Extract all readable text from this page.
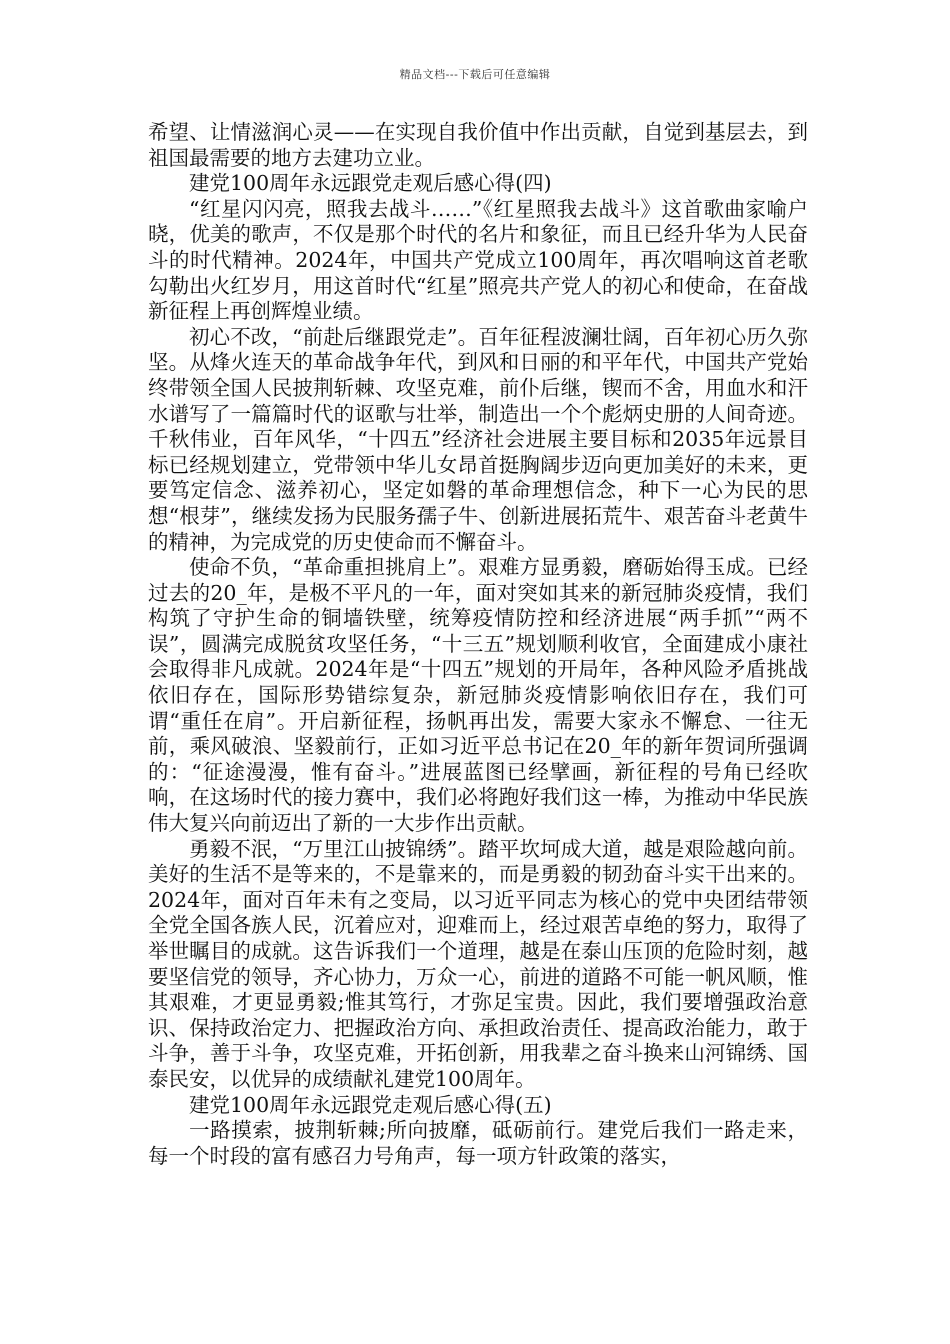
精品文档---下载后可任意编辑

希望、让情滋润心灵——在实现自我价值中作出贡献，自觉到基层去，到祖国最需要的地方去建功立业。

建党100周年永远跟党走观后感心得(四)

“红星闪闪亮，照我去战斗……”《红星照我去战斗》这首歌曲家喻户晓，优美的歌声，不仅是那个时代的名片和象征，而且已经升华为人民奋斗的时代精神。2024年，中国共产党成立100周年，再次唱响这首老歌勾勒出火红岁月，用这首时代“红星”照亮共产党人的初心和使命，在奋战新征程上再创辉煌业绩。

初心不改，“前赴后继跟党走”。百年征程波澜壮阔，百年初心历久弥坚。从烽火连天的革命战争年代，到风和日丽的和平年代，中国共产党始终带领全国人民披荆斩棘、攻坚克难，前仆后继，锲而不舍，用血水和汗水谱写了一篇篇时代的讴歌与壮举，制造出一个个彪炳史册的人间奇迹。千秋伟业，百年风华，“十四五”经济社会进展主要目标和2035年远景目标已经规划建立，党带领中华儿女昂首挺胸阔步迈向更加美好的未来，更要笃定信念、滋养初心，坚定如磐的革命理想信念，种下一心为民的思想“根芽”，继续发扬为民服务孺子牛、创新进展拓荒牛、艰苦奋斗老黄牛的精神，为完成党的历史使命而不懈奋斗。

使命不负，“革命重担挑肩上”。艰难方显勇毅，磨砺始得玉成。已经过去的20_年，是极不平凡的一年，面对突如其来的新冠肺炎疫情，我们构筑了守护生命的铜墙铁壁，统筹疫情防控和经济进展“两手抓”“两不误”，圆满完成脱贫攻坚任务，“十三五”规划顺利收官，全面建成小康社会取得非凡成就。2024年是“十四五”规划的开局年，各种风险矛盾挑战依旧存在，国际形势错综复杂，新冠肺炎疫情影响依旧存在，我们可谓“重任在肩”。开启新征程，扬帆再出发，需要大家永不懈怠、一往无前，乘风破浪、坚毅前行，正如习近平总书记在20_年的新年贺词所强调的：“征途漫漫，惟有奋斗。”进展蓝图已经擘画，新征程的号角已经吹响，在这场时代的接力赛中，我们必将跑好我们这一棒，为推动中华民族伟大复兴向前迈出了新的一大步作出贡献。

勇毅不泯，“万里江山披锦绣”。踏平坎坷成大道，越是艰险越向前。美好的生活不是等来的，不是靠来的，而是勇毅的韧劲奋斗实干出来的。2024年，面对百年未有之变局，以习近平同志为核心的党中央团结带领全党全国各族人民，沉着应对，迎难而上，经过艰苦卓绝的努力，取得了举世瞩目的成就。这告诉我们一个道理，越是在泰山压顶的危险时刻，越要坚信党的领导，齐心协力，万众一心，前进的道路不可能一帆风顺，惟其艰难，才更显勇毅;惟其笃行，才弥足宝贵。因此，我们要增强政治意识、保持政治定力、把握政治方向、承担政治责任、提高政治能力，敢于斗争，善于斗争，攻坚克难，开拓创新，用我辈之奋斗换来山河锦绣、国泰民安，以优异的成绩献礼建党100周年。

建党100周年永远跟党走观后感心得(五)

一路摸索，披荆斩棘;所向披靡，砥砺前行。建党后我们一路走来，每一个时段的富有感召力号角声，每一项方针政策的落实，
